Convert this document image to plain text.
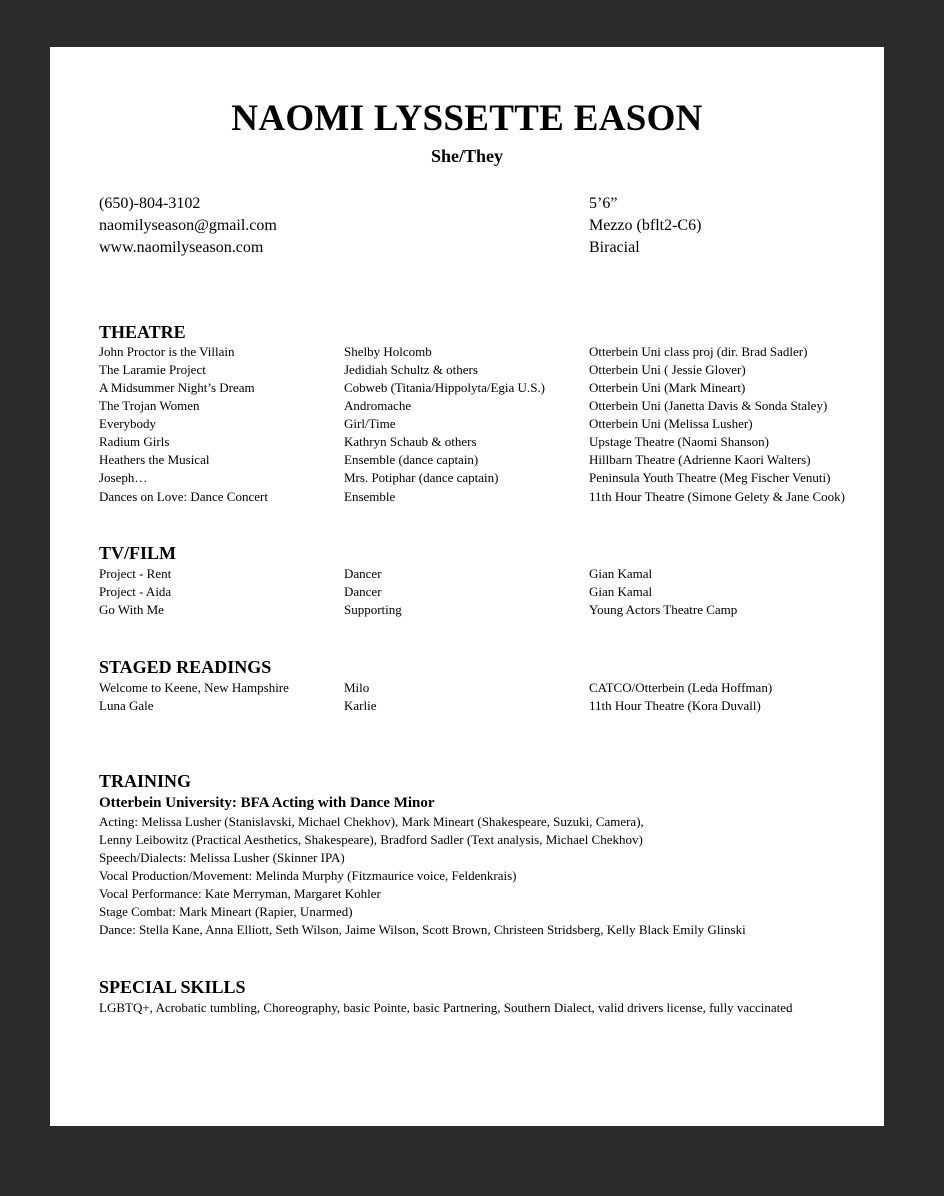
NAOMI LYSSETTE EASON
She/They
(650)-804-3102
naomilyseason@gmail.com
www.naomilyseason.com
5’6”
Mezzo (bflt2-C6)
Biracial
THEATRE
John Proctor is the Villain	Shelby Holcomb	Otterbein Uni class proj (dir. Brad Sadler)
The Laramie Project	Jedidiah Schultz & others	Otterbein Uni ( Jessie Glover)
A Midsummer Night’s Dream	Cobweb (Titania/Hippolyta/Egia U.S.)	Otterbein Uni (Mark Mineart)
The Trojan Women	Andromache	Otterbein Uni (Janetta Davis & Sonda Staley)
Everybody	Girl/Time	Otterbein Uni (Melissa Lusher)
Radium Girls	Kathryn Schaub & others	Upstage Theatre (Naomi Shanson)
Heathers the Musical	Ensemble (dance captain)	Hillbarn Theatre (Adrienne Kaori Walters)
Joseph…	Mrs. Potiphar (dance captain)	Peninsula Youth Theatre (Meg Fischer Venuti)
Dances on Love: Dance Concert	Ensemble	11th Hour Theatre (Simone Gelety & Jane Cook)
TV/FILM
Project - Rent	Dancer	Gian Kamal
Project - Aida	Dancer	Gian Kamal
Go With Me	Supporting	Young Actors Theatre Camp
STAGED READINGS
Welcome to Keene, New Hampshire	Milo	CATCO/Otterbein (Leda Hoffman)
Luna Gale	Karlie	11th Hour Theatre (Kora Duvall)
TRAINING
Otterbein University: BFA Acting with Dance Minor
Acting: Melissa Lusher (Stanislavski, Michael Chekhov), Mark Mineart (Shakespeare, Suzuki, Camera),
Lenny Leibowitz (Practical Aesthetics, Shakespeare), Bradford Sadler (Text analysis, Michael Chekhov)
Speech/Dialects: Melissa Lusher (Skinner IPA)
Vocal Production/Movement: Melinda Murphy (Fitzmaurice voice, Feldenkrais)
Vocal Performance: Kate Merryman, Margaret Kohler
Stage Combat: Mark Mineart (Rapier, Unarmed)
Dance: Stella Kane, Anna Elliott, Seth Wilson, Jaime Wilson, Scott Brown, Christeen Stridsberg, Kelly Black Emily Glinski
SPECIAL SKILLS
LGBTQ+, Acrobatic tumbling, Choreography, basic Pointe, basic Partnering, Southern Dialect, valid drivers license, fully vaccinated
